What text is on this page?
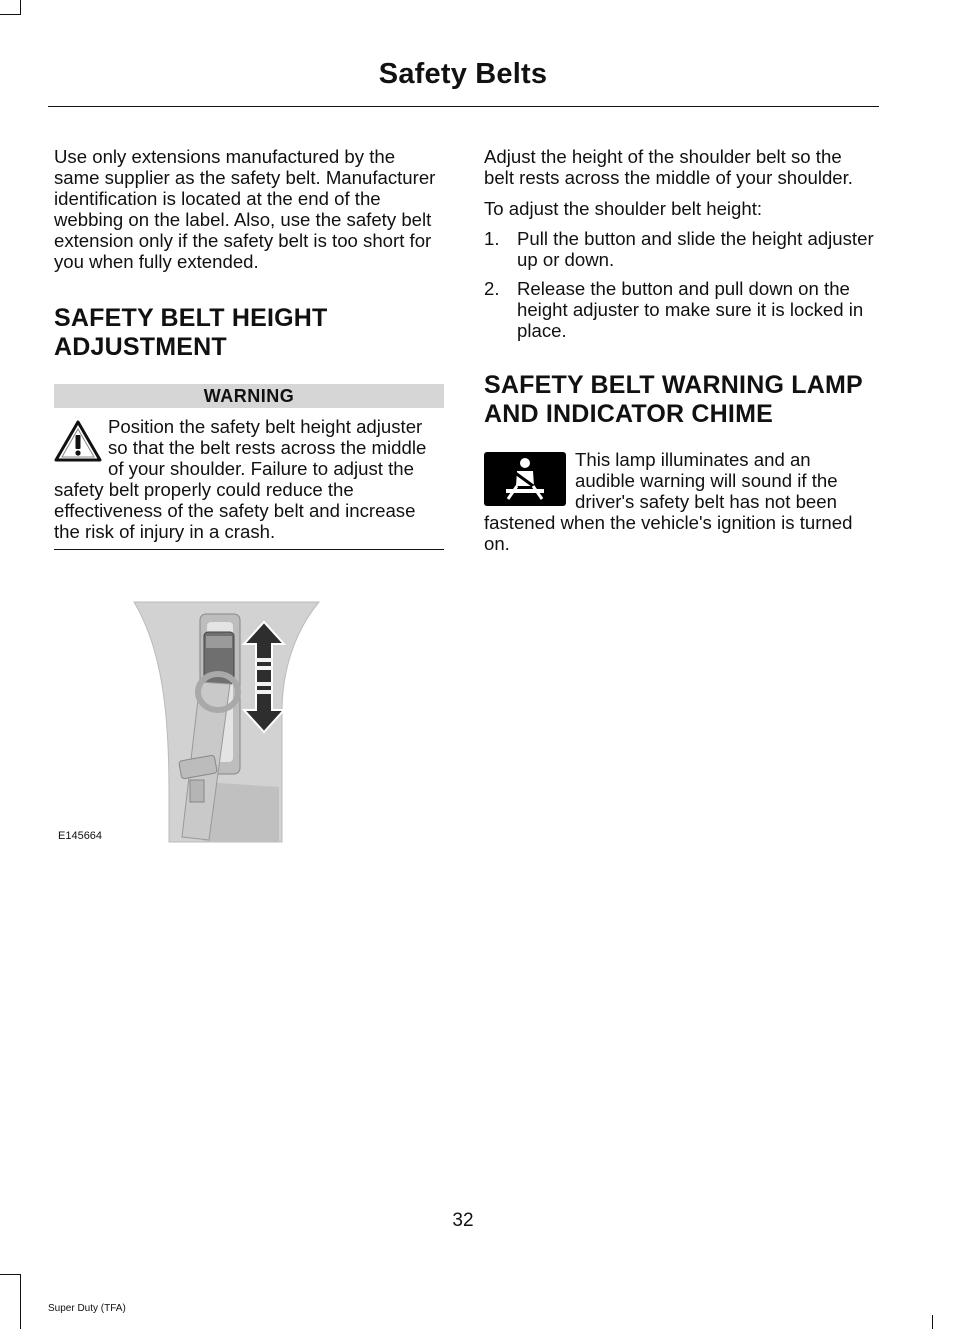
Safety Belts

Use only extensions manufactured by the same supplier as the safety belt. Manufacturer identification is located at the end of the webbing on the label. Also, use the safety belt extension only if the safety belt is too short for you when fully extended.

SAFETY BELT HEIGHT ADJUSTMENT
WARNING
Position the safety belt height adjuster so that the belt rests across the middle of your shoulder. Failure to adjust the safety belt properly could reduce the effectiveness of the safety belt and increase the risk of injury in a crash.
E145664

Adjust the height of the shoulder belt so the belt rests across the middle of your shoulder.

To adjust the shoulder belt height:

1. Pull the button and slide the height adjuster up or down.
2. Release the button and pull down on the height adjuster to make sure it is locked in place.
SAFETY BELT WARNING LAMP AND INDICATOR CHIME
This lamp illuminates and an audible warning will sound if the driver's safety belt has not been fastened when the vehicle's ignition is turned on.
32
Super Duty (TFA)
